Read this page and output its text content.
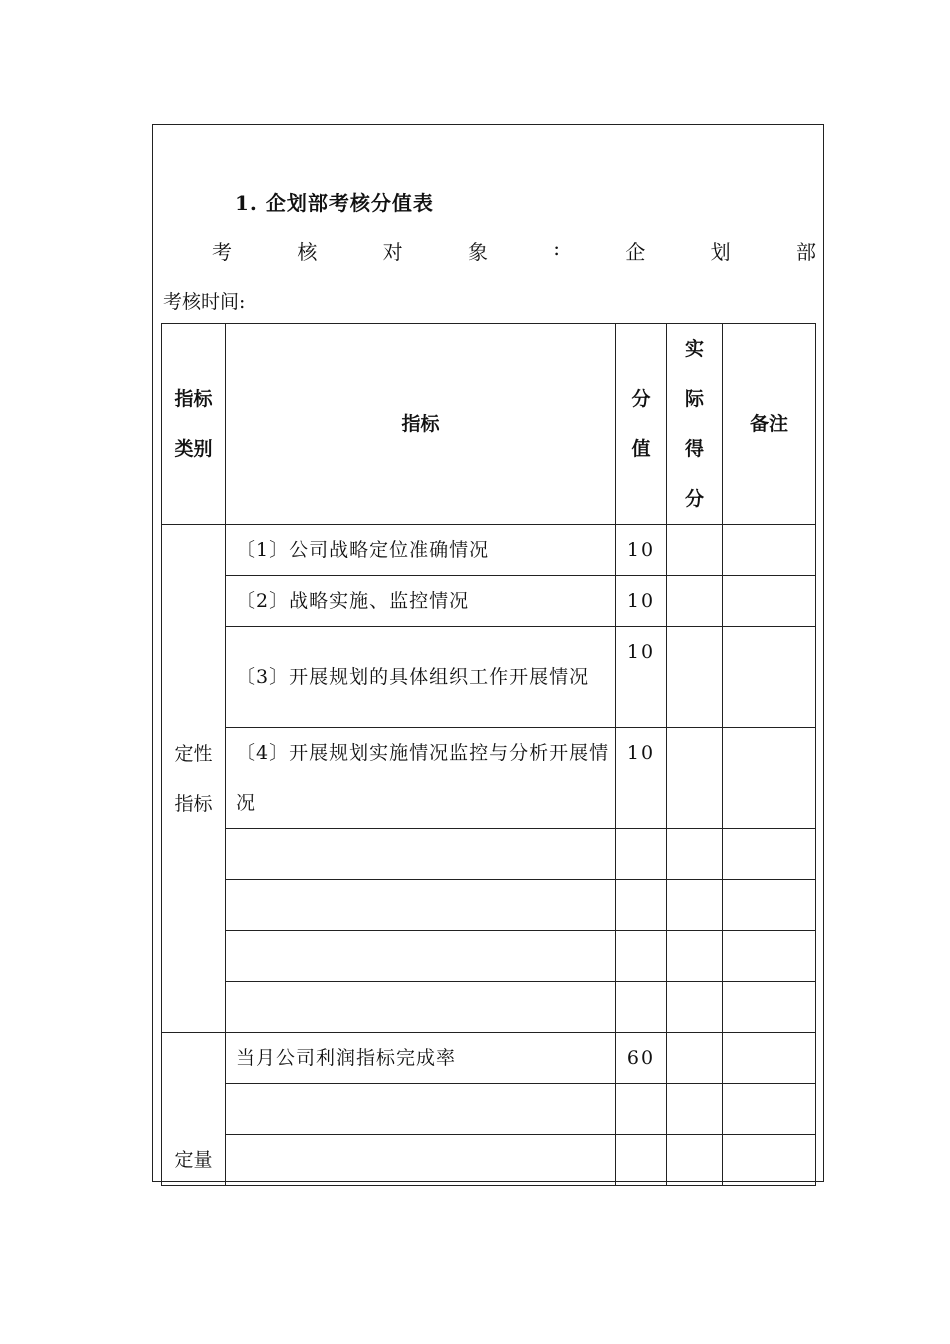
1. 企划部考核分值表
考	核	对	象	:	企	划	部
考核时间:
指标类别	指标	分值	实际得分	备注

定性指标	〔1〕公司战略定位准确情况	10		
	〔2〕战略实施、监控情况	10		
	〔3〕开展规划的具体组织工作开展情况	10		
	〔4〕开展规划实施情况监控与分析开展情况	10		

定量	当月公司利润指标完成率	60		
